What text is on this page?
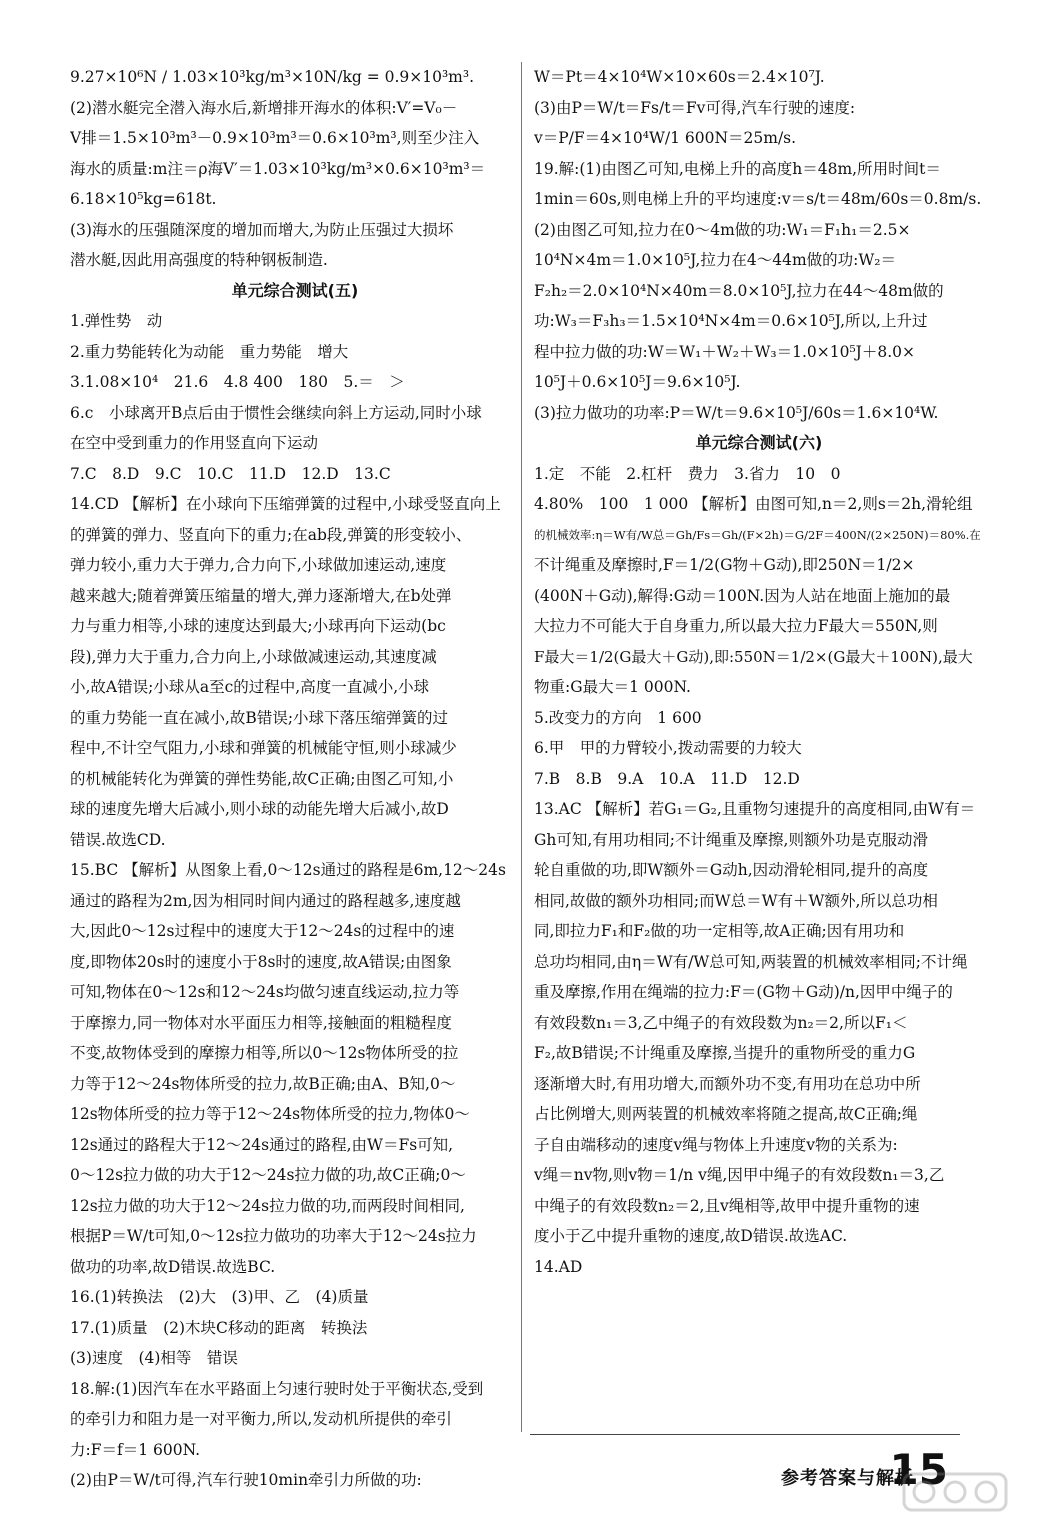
9.27×10⁶N / 1.03×10³kg/m³×10N/kg = 0.9×10³m³.
(2)潜水艇完全潜入海水后,新增排开海水的体积:V′=V₀－
V排＝1.5×10³m³－0.9×10³m³＝0.6×10³m³,则至少注入
海水的质量:m注＝ρ海V′＝1.03×10³kg/m³×0.6×10³m³＝
6.18×10⁵kg=618t.
(3)海水的压强随深度的增加而增大,为防止压强过大损坏
潜水艇,因此用高强度的特种钢板制造.
单元综合测试(五)
1.弹性势　动
2.重力势能转化为动能　重力势能　增大
3.1.08×10⁴　21.6　4.8 400　180　5.＝　＞
6.c　小球离开B点后由于惯性会继续向斜上方运动,同时小球
在空中受到重力的作用竖直向下运动
7.C　8.D　9.C　10.C　11.D　12.D　13.C
14.CD 【解析】在小球向下压缩弹簧的过程中,小球受竖直向上
的弹簧的弹力、竖直向下的重力;在ab段,弹簧的形变较小、
弹力较小,重力大于弹力,合力向下,小球做加速运动,速度
越来越大;随着弹簧压缩量的增大,弹力逐渐增大,在b处弹
力与重力相等,小球的速度达到最大;小球再向下运动(bc
段),弹力大于重力,合力向上,小球做减速运动,其速度减
小,故A错误;小球从a至c的过程中,高度一直减小,小球
的重力势能一直在减小,故B错误;小球下落压缩弹簧的过
程中,不计空气阻力,小球和弹簧的机械能守恒,则小球减少
的机械能转化为弹簧的弹性势能,故C正确;由图乙可知,小
球的速度先增大后减小,则小球的动能先增大后减小,故D
错误.故选CD.
15.BC 【解析】从图象上看,0～12s通过的路程是6m,12～24s
通过的路程为2m,因为相同时间内通过的路程越多,速度越
大,因此0～12s过程中的速度大于12～24s的过程中的速
度,即物体20s时的速度小于8s时的速度,故A错误;由图象
可知,物体在0～12s和12～24s均做匀速直线运动,拉力等
于摩擦力,同一物体对水平面压力相等,接触面的粗糙程度
不变,故物体受到的摩擦力相等,所以0～12s物体所受的拉
力等于12～24s物体所受的拉力,故B正确;由A、B知,0～
12s物体所受的拉力等于12～24s物体所受的拉力,物体0～
12s通过的路程大于12～24s通过的路程,由W＝Fs可知,
0～12s拉力做的功大于12～24s拉力做的功,故C正确;0～
12s拉力做的功大于12～24s拉力做的功,而两段时间相同,
根据P＝W/t可知,0～12s拉力做功的功率大于12～24s拉力
做功的功率,故D错误.故选BC.
16.(1)转换法　(2)大　(3)甲、乙　(4)质量
17.(1)质量　(2)木块C移动的距离　转换法
(3)速度　(4)相等　错误
18.解:(1)因汽车在水平路面上匀速行驶时处于平衡状态,受到
的牵引力和阻力是一对平衡力,所以,发动机所提供的牵引
力:F＝f＝1 600N.
(2)由P＝W/t可得,汽车行驶10min牵引力所做的功:
W＝Pt＝4×10⁴W×10×60s＝2.4×10⁷J.
(3)由P＝W/t＝Fs/t＝Fv可得,汽车行驶的速度:
v＝P/F＝4×10⁴W/1 600N＝25m/s.
19.解:(1)由图乙可知,电梯上升的高度h＝48m,所用时间t＝
1min＝60s,则电梯上升的平均速度:v＝s/t＝48m/60s＝0.8m/s.
(2)由图乙可知,拉力在0～4m做的功:W₁＝F₁h₁＝2.5×
10⁴N×4m＝1.0×10⁵J,拉力在4～44m做的功:W₂＝
F₂h₂＝2.0×10⁴N×40m＝8.0×10⁵J,拉力在44～48m做的
功:W₃＝F₃h₃＝1.5×10⁴N×4m＝0.6×10⁵J,所以,上升过
程中拉力做的功:W＝W₁＋W₂＋W₃＝1.0×10⁵J＋8.0×
10⁵J＋0.6×10⁵J＝9.6×10⁵J.
(3)拉力做功的功率:P＝W/t＝9.6×10⁵J/60s＝1.6×10⁴W.
单元综合测试(六)
1.定　不能　2.杠杆　费力　3.省力　10　0
4.80%　100　1 000 【解析】由图可知,n＝2,则s＝2h,滑轮组
的机械效率:η＝W有/W总＝Gh/Fs＝Gh/(F×2h)＝G/2F＝400N/(2×250N)＝80%.在
不计绳重及摩擦时,F＝1/2(G物＋G动),即250N＝1/2×
(400N＋G动),解得:G动＝100N.因为人站在地面上施加的最
大拉力不可能大于自身重力,所以最大拉力F最大＝550N,则
F最大＝1/2(G最大＋G动),即:550N＝1/2×(G最大＋100N),最大
物重:G最大＝1 000N.
5.改变力的方向　1 600
6.甲　甲的力臂较小,拨动需要的力较大
7.B　8.B　9.A　10.A　11.D　12.D
13.AC 【解析】若G₁＝G₂,且重物匀速提升的高度相同,由W有＝
Gh可知,有用功相同;不计绳重及摩擦,则额外功是克服动滑
轮自重做的功,即W额外＝G动h,因动滑轮相同,提升的高度
相同,故做的额外功相同;而W总＝W有＋W额外,所以总功相
同,即拉力F₁和F₂做的功一定相等,故A正确;因有用功和
总功均相同,由η＝W有/W总可知,两装置的机械效率相同;不计绳
重及摩擦,作用在绳端的拉力:F＝(G物＋G动)/n,因甲中绳子的
有效段数n₁＝3,乙中绳子的有效段数为n₂＝2,所以F₁＜
F₂,故B错误;不计绳重及摩擦,当提升的重物所受的重力G
逐渐增大时,有用功增大,而额外功不变,有用功在总功中所
占比例增大,则两装置的机械效率将随之提高,故C正确;绳
子自由端移动的速度v绳与物体上升速度v物的关系为:
v绳＝nv物,则v物＝1/n v绳,因甲中绳子的有效段数n₁＝3,乙
中绳子的有效段数n₂＝2,且v绳相等,故甲中提升重物的速
度小于乙中提升重物的速度,故D错误.故选AC.
14.AD
参考答案与解析
15
